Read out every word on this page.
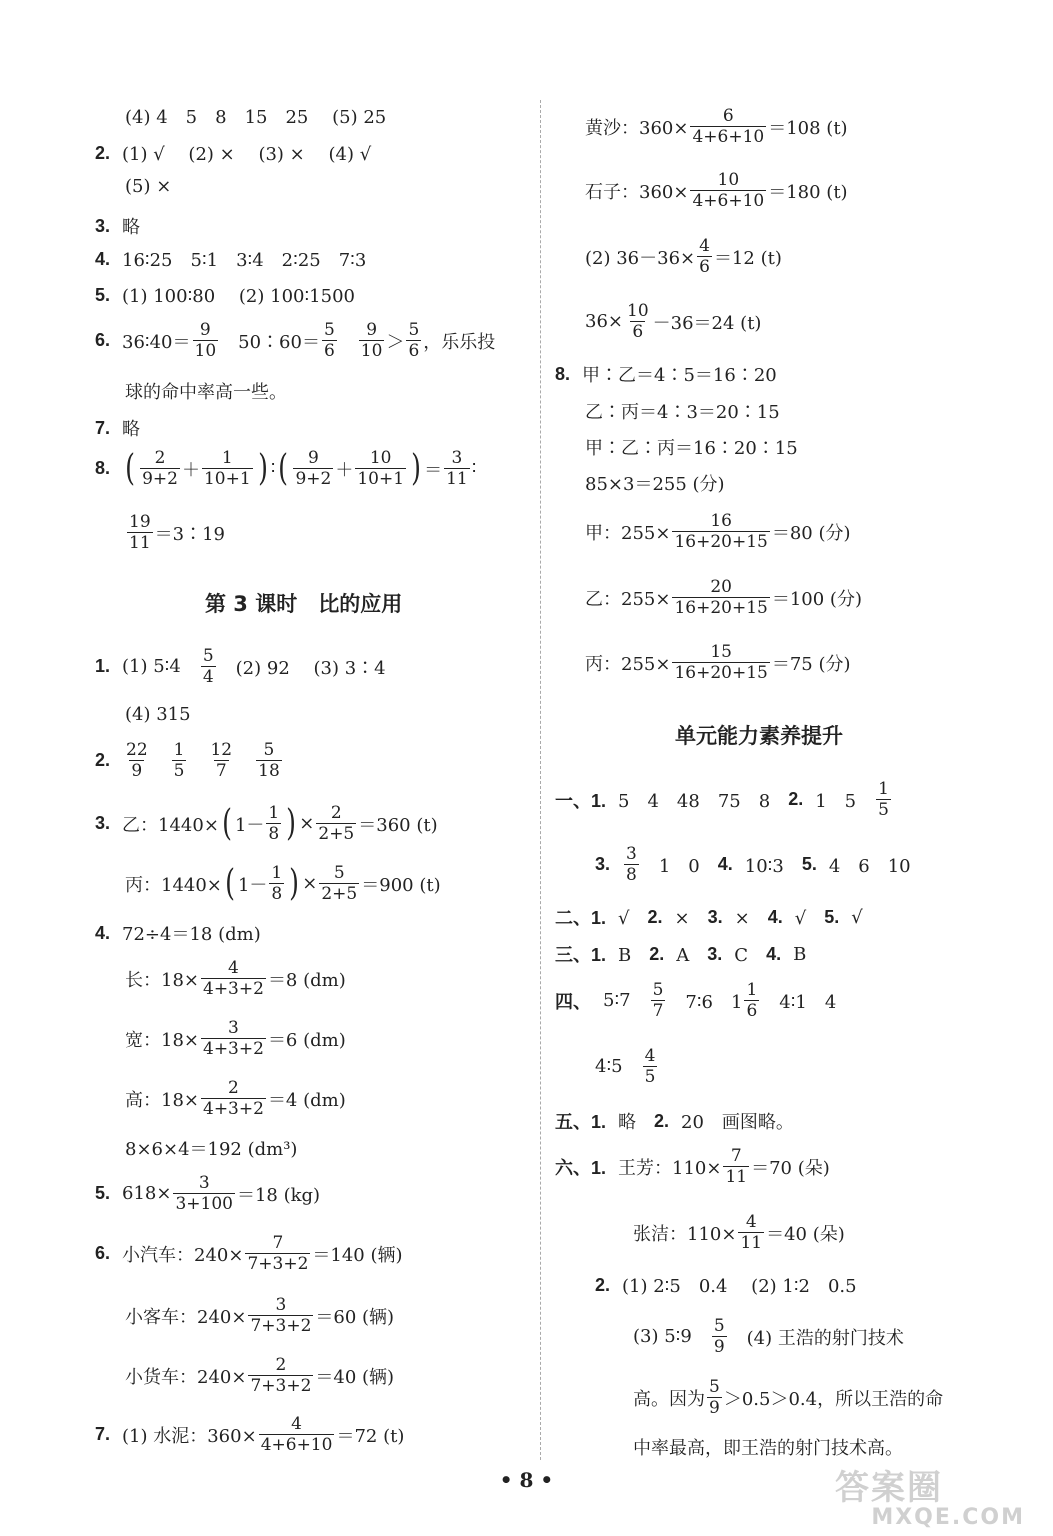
(4) 4　5　8　15　25　 (5) 25
2. (1) √　 (2) ×　 (3) ×　 (4) √
(5) ×
3. 略
4. 16∶25　5∶1　3∶4　2∶25　7∶3
5. (1) 100∶80　 (2) 100∶1500
6. 36∶40＝ $\frac{9}{10}$ 　50∶60＝ $\frac{5}{6} \frac{9}{10} > \frac{5}{6}$ ，乐乐投
球的命中率高一些。
7. 略
8. ( $\frac{2}{9+2} + \frac{1}{10+1}$ ) ∶ ( $\frac{9}{9+2} + \frac{10}{10+1}$ ) ＝ $\frac{3}{11}$ ∶
$\frac{19}{11}$ ＝3∶19
第 3 课时　比的应用
1. (1) 5∶4 $\frac{5}{4} (2)$ 92　 (3) 3∶4
(4) 315
2. $\frac{22}{9} \frac{1}{5} \frac{12}{7} \frac{5}{18}$
3. 乙：1440× ( $1- \frac{1}{8}$ ) × $\frac{2}{2+5} =360$ (t)
丙：1440× ( $1- \frac{1}{8}$ ) × $\frac{5}{2+5} =900$ (t)
4. 72÷4＝18 (dm)
长：$18\times \frac{4}{4+3+2} =8$ (dm)
宽：$18\times \frac{3}{4+3+2} =6$ (dm)
高：$18\times \frac{2}{4+3+2} =4$ (dm)
8×6×4＝192 (dm³)
5. $618\times \frac{3}{3+100} =18$ (kg)
6. 小汽车：$240\times \frac{7}{7+3+2} =140$ (辆)
小客车：$240\times \frac{3}{7+3+2} =60$ (辆)
小货车：$240\times \frac{2}{7+3+2} =40$ (辆)
7. (1) 水泥：$360\times \frac{4}{4+6+10} =72$ (t)
黄沙：$360\times \frac{6}{4+6+10} =108$ (t)
石子：$360\times \frac{10}{4+6+10} =180$ (t)
(2) $36-36\times \frac{4}{6} =12$ (t)
$36\times \frac{10}{6} -36=24$ (t)
8. 甲∶乙＝4∶5＝16∶20
乙∶丙＝4∶3＝20∶15
甲∶乙∶丙＝16∶20∶15
85×3＝255 (分)
甲：$255\times \frac{16}{16+20+15} =80$ (分)
乙：$255\times \frac{20}{16+20+15} =100$ (分)
丙：$255\times \frac{15}{16+20+15} =75$ (分)
单元能力素养提升
一、1. 5　4　48　75　8　 2. 1　$5 \frac{1}{5}$
3. $\frac{3}{8} 1$　0　 4. 10∶3　 5. 4　6　10
二、1. √　 2. ×　 3. ×　 4. √　 5. √
三、1. B　 2. A　 3. C　 4. B
四、 5∶7 $\frac{5}{7}$ 7∶6　$1 \frac{1}{6}$ 4∶1　4
4∶5 $\frac{4}{5}$
五、1. 略　 2. 20　画图略。
六、1. 王芳：$110\times \frac{7}{11} =70$ (朵)
张洁：$110\times \frac{4}{11} =40$ (朵)
2. (1) 2∶5　0.4　 (2) 1∶2　0.5
(3) 5∶9 $\frac{5}{9} (4)$ 王浩的射门技术
高。因为 $\frac{5}{9} >0.5>0.4$，所以王浩的命
中率最高，即王浩的射门技术高。
• 8 •	答案圈
MXQE.COM
